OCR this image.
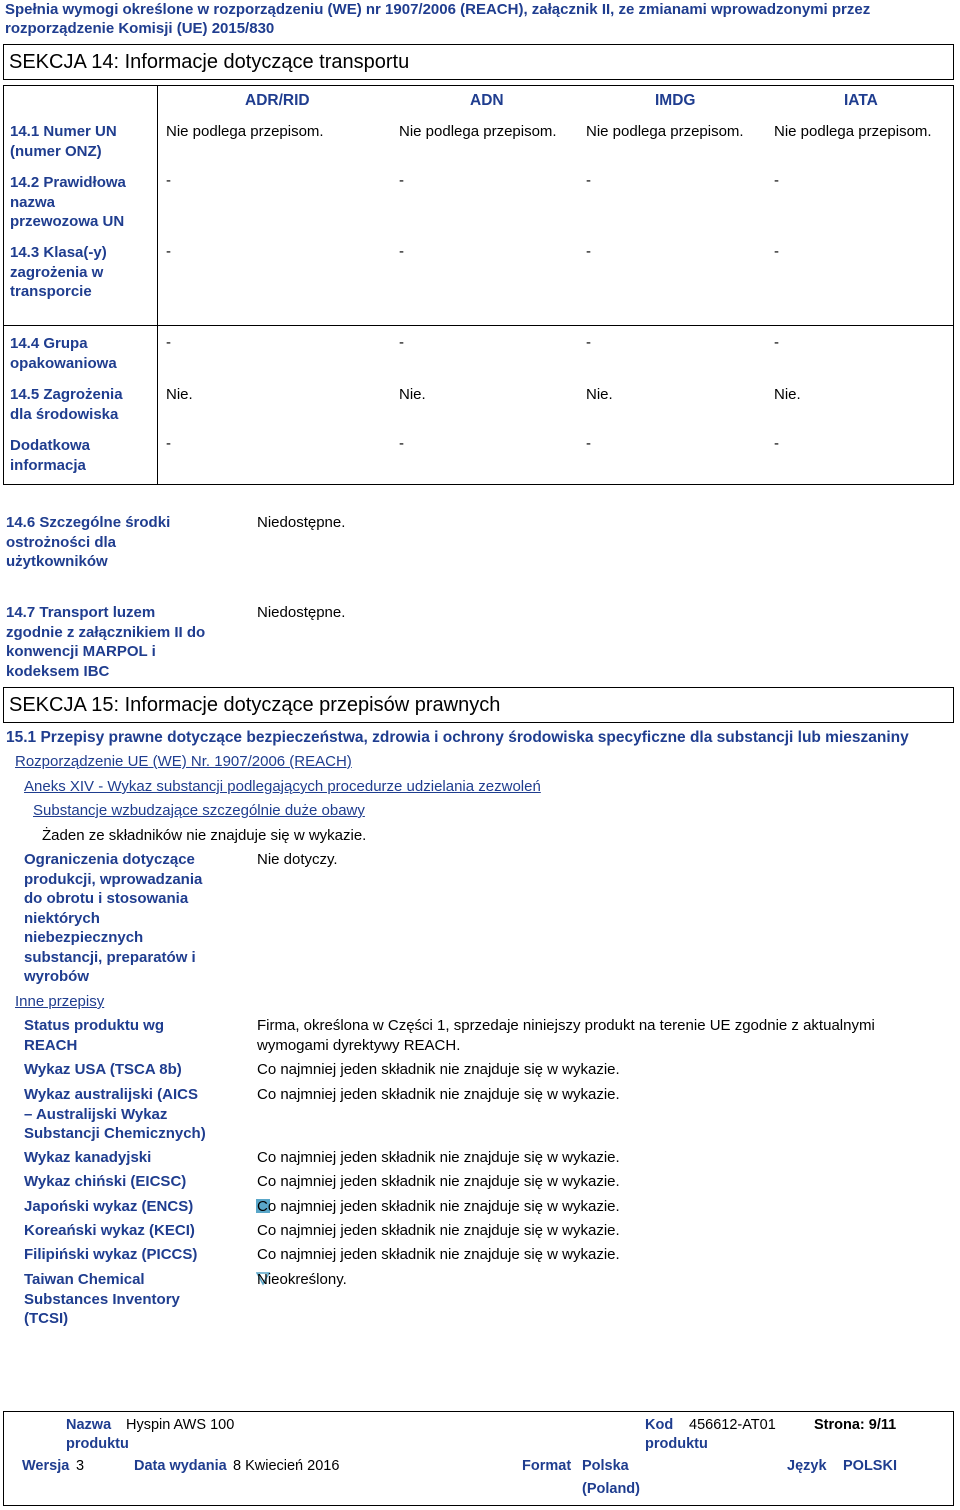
Spełnia wymogi określone w rozporządzeniu (WE) nr 1907/2006 (REACH), załącznik II, ze zmianami wprowadzonymi przez
rozporządzenie Komisji (UE) 2015/830
SEKCJA 14: Informacje dotyczące transportu
ADR/RID	ADN	IMDG	IATA
14.1 Numer UN
(numer ONZ)
Nie podlega przepisom.	Nie podlega przepisom. Nie podlega przepisom. Nie podlega przepisom.
14.2 Prawidłowa
nazwa
przewozowa UN
-	-	-	-
14.3 Klasa(-y)
zagrożenia w
transporcie
-	-	-	-
14.4 Grupa
opakowaniowa
-	-	-	-
14.5 Zagrożenia
dla środowiska
Nie.	Nie.	Nie.	Nie.
Dodatkowa
informacja
-	-	-	-
14.6 Szczególne środki
ostrożności dla
użytkowników
Niedostępne.
14.7 Transport luzem
zgodnie z załącznikiem II do
konwencji MARPOL i
kodeksem IBC
Niedostępne.
SEKCJA 15: Informacje dotyczące przepisów prawnych
15.1 Przepisy prawne dotyczące bezpieczeństwa, zdrowia i ochrony środowiska specyficzne dla substancji lub mieszaniny
Rozporządzenie UE (WE) Nr. 1907/2006 (REACH)
Aneks XIV - Wykaz substancji podlegających procedurze udzielania zezwoleń
Substancje wzbudzające szczególnie duże obawy
Żaden ze składników nie znajduje się w wykazie.
Ograniczenia dotyczące
produkcji, wprowadzania
do obrotu i stosowania
niektórych
niebezpiecznych
substancji, preparatów i
wyrobów
Nie dotyczy.
Inne przepisy
Status produktu wg
REACH
Firma, określona w Części 1, sprzedaje niniejszy produkt na terenie UE zgodnie z aktualnymi
wymogami dyrektywy REACH.
Wykaz USA (TSCA 8b)	Co najmniej jeden składnik nie znajduje się w wykazie.
Wykaz australijski (AICS
– Australijski Wykaz
Substancji Chemicznych)
Co najmniej jeden składnik nie znajduje się w wykazie.
Wykaz kanadyjski	Co najmniej jeden składnik nie znajduje się w wykazie.
Wykaz chiński (EICSC)	Co najmniej jeden składnik nie znajduje się w wykazie.
Japoński wykaz (ENCS)	Co najmniej jeden składnik nie znajduje się w wykazie.
Koreański wykaz (KECI)	Co najmniej jeden składnik nie znajduje się w wykazie.
Filipiński wykaz (PICCS)	Co najmniej jeden składnik nie znajduje się w wykazie.
Taiwan Chemical
Substances Inventory
(TCSI)
Nieokreślony.
Nazwa
produktu
Hyspin AWS 100	Kod
produktu
456612-AT01	Strona: 9/11
Wersja 3	Data wydania 8 Kwiecień 2016	Format Polska
(Poland)
Język POLSKI
